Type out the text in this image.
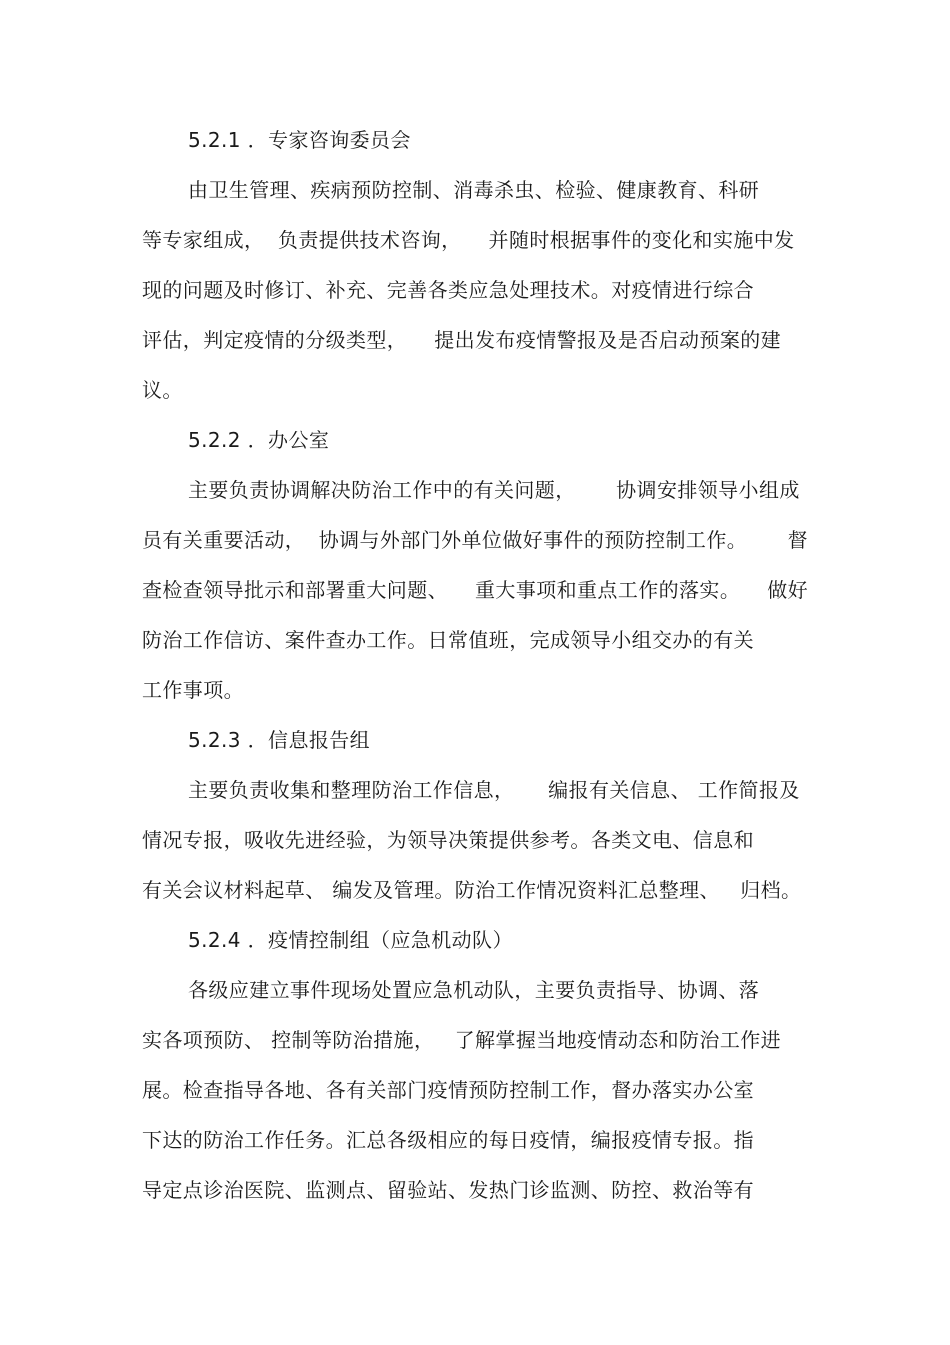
5.2.1 ．专家咨询委员会
由卫生管理、疾病预防控制、消毒杀虫、检验、健康教育、科研
等专家组成，  负责提供技术咨询，    并随时根据事件的变化和实施中发
现的问题及时修订、补充、完善各类应急处理技术。对疫情进行综合
评估，判定疫情的分级类型，    提出发布疫情警报及是否启动预案的建
议。
5.2.2 ．办公室
主要负责协调解决防治工作中的有关问题，      协调安排领导小组成
员有关重要活动，  协调与外部门外单位做好事件的预防控制工作。      督
查检查领导批示和部署重大问题、    重大事项和重点工作的落实。    做好
防治工作信访、案件查办工作。日常值班，完成领导小组交办的有关
工作事项。
5.2.3 ．信息报告组
主要负责收集和整理防治工作信息，     编报有关信息、 工作简报及
情况专报，吸收先进经验，为领导决策提供参考。各类文电、信息和
有关会议材料起草、 编发及管理。防治工作情况资料汇总整理、   归档。
5.2.4 ．疫情控制组（应急机动队）
各级应建立事件现场处置应急机动队，主要负责指导、协调、落
实各项预防、 控制等防治措施，   了解掌握当地疫情动态和防治工作进
展。检查指导各地、各有关部门疫情预防控制工作，督办落实办公室
下达的防治工作任务。汇总各级相应的每日疫情，编报疫情专报。指
导定点诊治医院、监测点、留验站、发热门诊监测、防控、救治等有
